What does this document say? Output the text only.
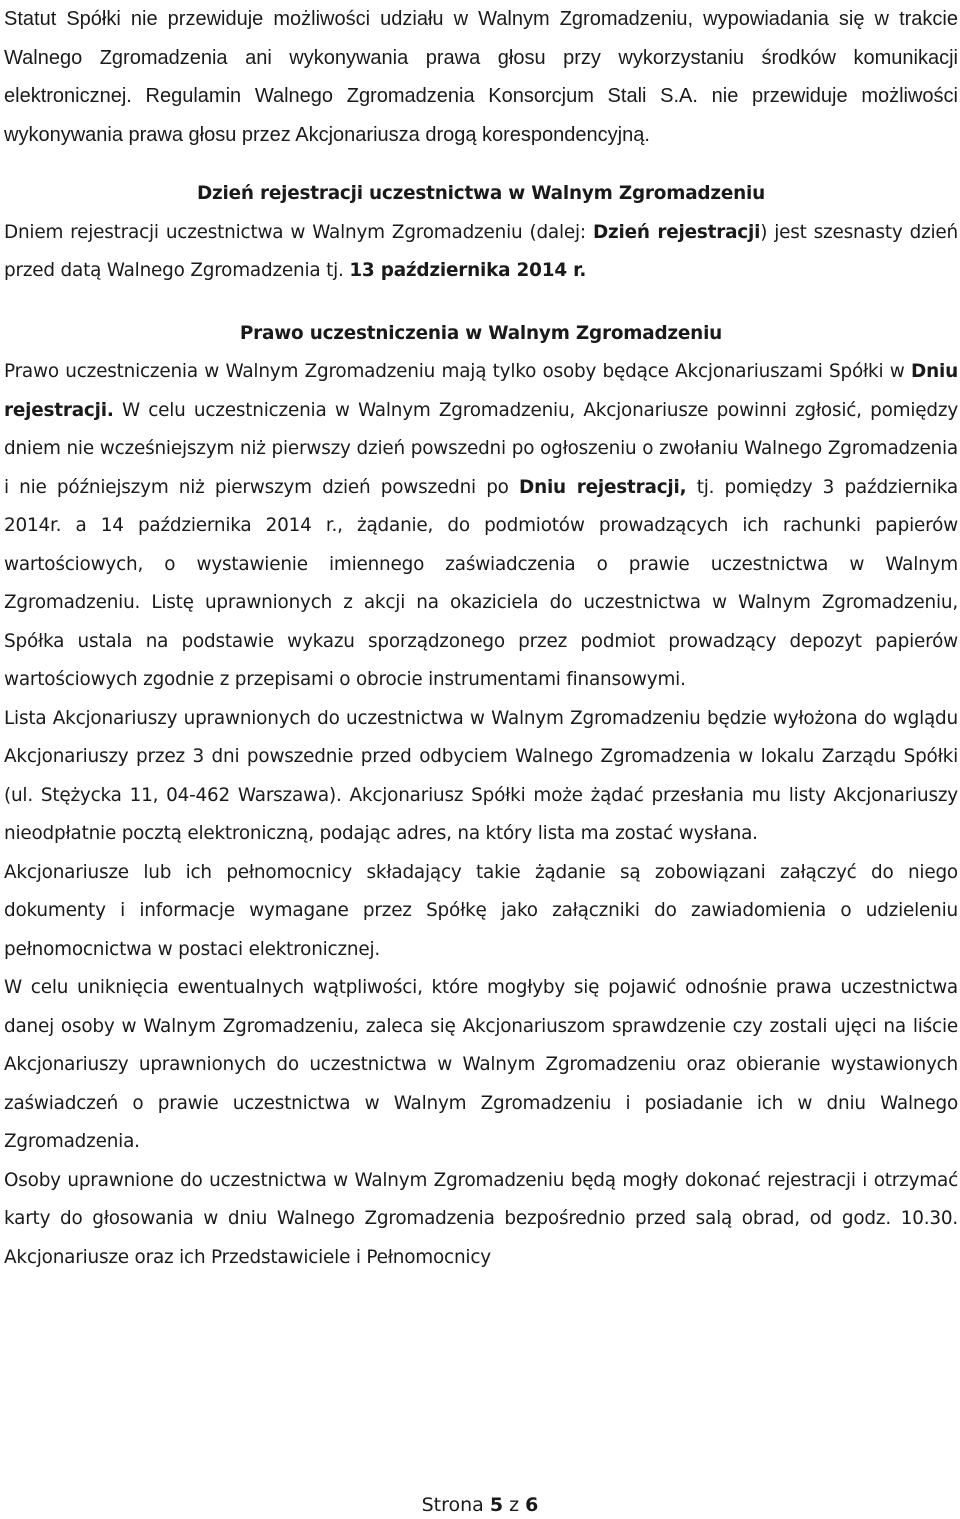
Statut Spółki nie przewiduje możliwości udziału w Walnym Zgromadzeniu, wypowiadania się w trakcie Walnego Zgromadzenia ani wykonywania prawa głosu przy wykorzystaniu środków komunikacji elektronicznej. Regulamin Walnego Zgromadzenia Konsorcjum Stali S.A. nie przewiduje możliwości wykonywania prawa głosu przez Akcjonariusza drogą korespondencyjną.

Dzień rejestracji uczestnictwa w Walnym Zgromadzeniu

Dniem rejestracji uczestnictwa w Walnym Zgromadzeniu (dalej: Dzień rejestracji) jest szesnasty dzień przed datą Walnego Zgromadzenia tj. 13 października 2014 r.

Prawo uczestniczenia w Walnym Zgromadzeniu

Prawo uczestniczenia w Walnym Zgromadzeniu mają tylko osoby będące Akcjonariuszami Spółki w Dniu rejestracji. W celu uczestniczenia w Walnym Zgromadzeniu, Akcjonariusze powinni zgłosić, pomiędzy dniem nie wcześniejszym niż pierwszy dzień powszedni po ogłoszeniu o zwołaniu Walnego Zgromadzenia i nie późniejszym niż pierwszym dzień powszedni po Dniu rejestracji, tj. pomiędzy 3 października 2014r. a 14 października 2014 r., żądanie, do podmiotów prowadzących ich rachunki papierów wartościowych, o wystawienie imiennego zaświadczenia o prawie uczestnictwa w Walnym Zgromadzeniu. Listę uprawnionych z akcji na okaziciela do uczestnictwa w Walnym Zgromadzeniu, Spółka ustala na podstawie wykazu sporządzonego przez podmiot prowadzący depozyt papierów wartościowych zgodnie z przepisami o obrocie instrumentami finansowymi.

Lista Akcjonariuszy uprawnionych do uczestnictwa w Walnym Zgromadzeniu będzie wyłożona do wglądu Akcjonariuszy przez 3 dni powszednie przed odbyciem Walnego Zgromadzenia w lokalu Zarządu Spółki (ul. Stężycka 11, 04-462 Warszawa). Akcjonariusz Spółki może żądać przesłania mu listy Akcjonariuszy nieodpłatnie pocztą elektroniczną, podając adres, na który lista ma zostać wysłana.

Akcjonariusze lub ich pełnomocnicy składający takie żądanie są zobowiązani załączyć do niego dokumenty i informacje wymagane przez Spółkę jako załączniki do zawiadomienia o udzieleniu pełnomocnictwa w postaci elektronicznej.

W celu uniknięcia ewentualnych wątpliwości, które mogłyby się pojawić odnośnie prawa uczestnictwa danej osoby w Walnym Zgromadzeniu, zaleca się Akcjonariuszom sprawdzenie czy zostali ujęci na liście Akcjonariuszy uprawnionych do uczestnictwa w Walnym Zgromadzeniu oraz obieranie wystawionych zaświadczeń o prawie uczestnictwa w Walnym Zgromadzeniu i posiadanie ich w dniu Walnego Zgromadzenia.

Osoby uprawnione do uczestnictwa w Walnym Zgromadzeniu będą mogły dokonać rejestracji i otrzymać karty do głosowania w dniu Walnego Zgromadzenia bezpośrednio przed salą obrad, od godz. 10.30. Akcjonariusze oraz ich Przedstawiciele i Pełnomocnicy

Strona 5 z 6
